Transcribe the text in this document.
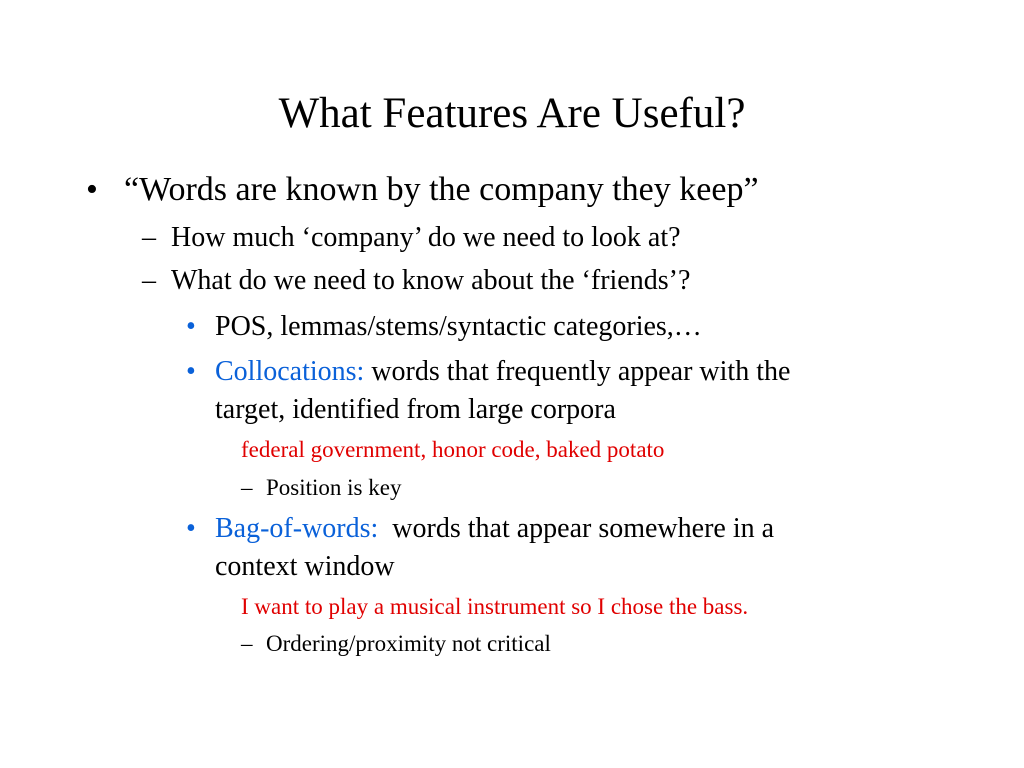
What Features Are Useful?
• “Words are known by the company they keep”
– How much ‘company’ do we need to look at?
– What do we need to know about the ‘friends’?
• POS, lemmas/stems/syntactic categories,…
• Collocations: words that frequently appear with the
target, identified from large corpora
federal government, honor code, baked potato
– Position is key
• Bag-of-words:  words that appear somewhere in a
context window
I want to play a musical instrument so I chose the bass.
– Ordering/proximity not critical
